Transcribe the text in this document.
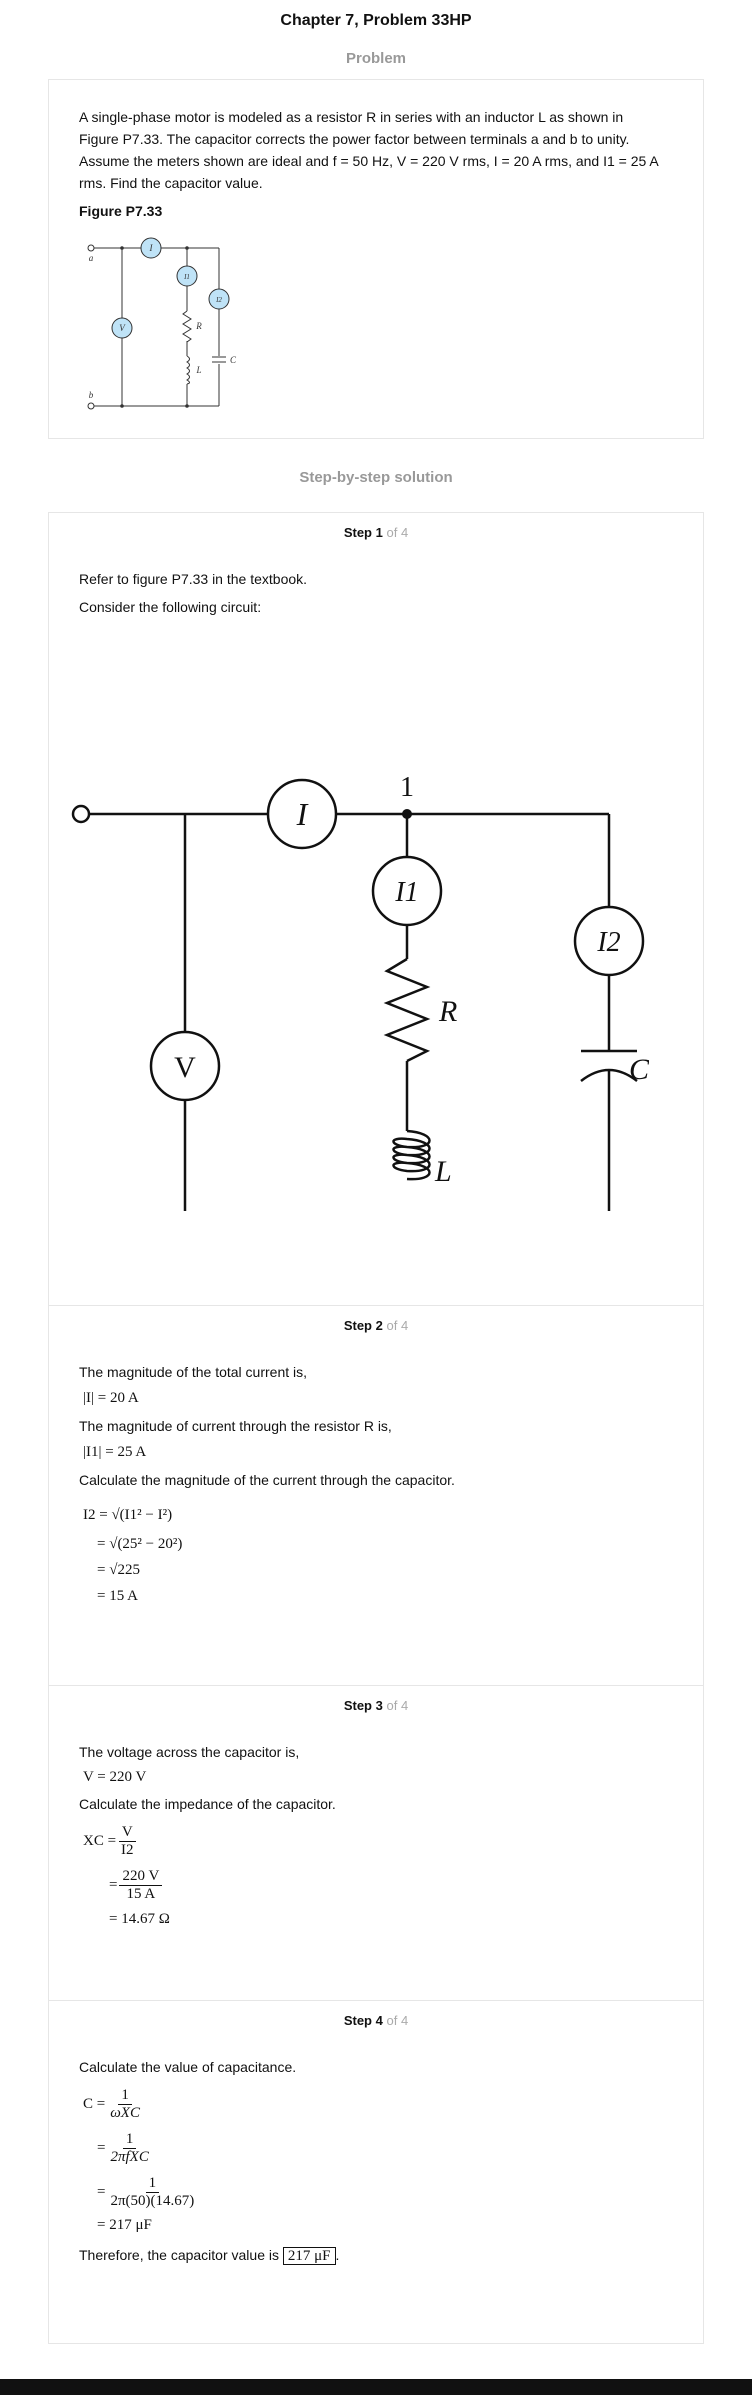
Chapter 7, Problem 33HP
Problem

A single-phase motor is modeled as a resistor R in series with an inductor L as shown in

Figure P7.33. The capacitor corrects the power factor between terminals a and b to unity.

Assume the meters shown are ideal and f = 50 Hz, V = 220 V rms, I = 20 A rms, and I1 = 25 A

rms. Find the capacitor value.

Figure P7.33

a
b
I
I1
I2
V	R
L
C
Step-by-step solution
Step 1 of 4

Refer to figure P7.33 in the textbook.

Consider the following circuit:

1
I
I1
I2
V
R
L
C
Step 2 of 4

The magnitude of the total current is,

|I| = 20 A

The magnitude of current through the resistor R is,

|I1| = 25 A

Calculate the magnitude of the current through the capacitor.

I2 = √(I1² − I²)
= √(25² − 20²)
= √225
= 15 A
Step 3 of 4

The voltage across the capacitor is,

V = 220 V

Calculate the impedance of the capacitor.

XC = $\frac{V}{I2}$
= $\frac{220 V}{15 A}$
= 14.67 Ω
Step 4 of 4

Calculate the value of capacitance.

$C = \frac{1}{\text{ωXC}}$
= $\frac{1}{\text{2πfXC}}$
= $\frac{1}{2\pi(50)(14.67)}$
= 217 μF

Therefore, the capacitor value is 217 μF .
